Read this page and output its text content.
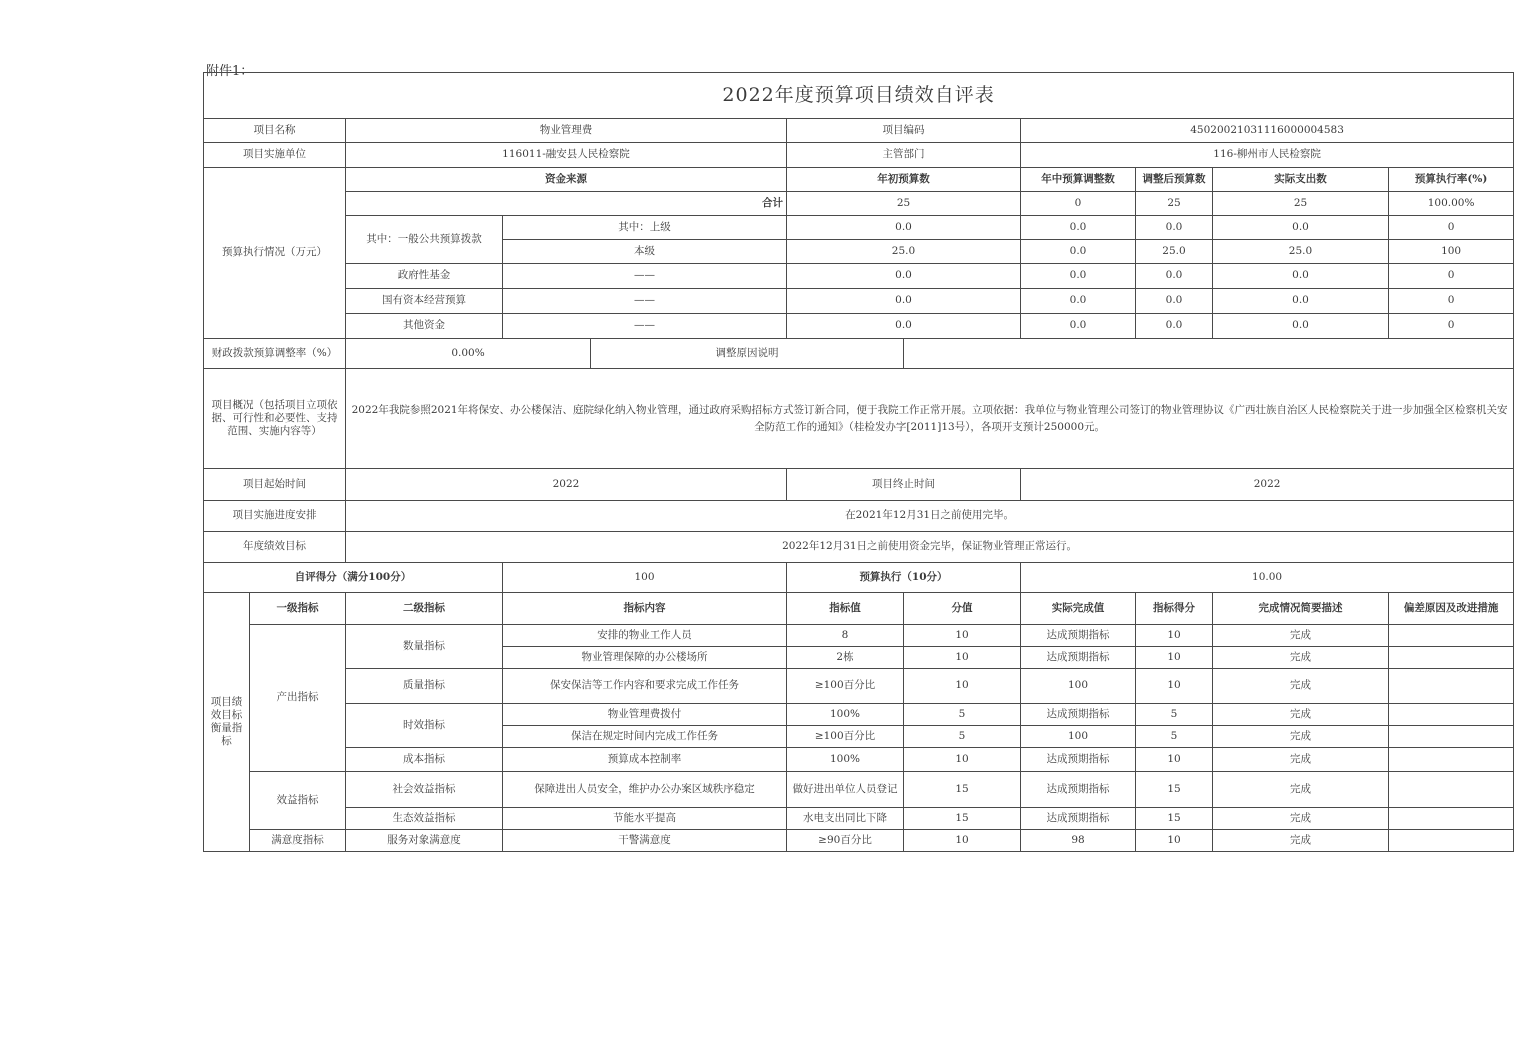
附件1：
2022年度预算项目绩效自评表										
项目名称		物业管理费			项目编码		45020021031116000004583			
项目实施单位		116011-融安县人民检察院			主管部门		116-柳州市人民检察院			
预算执行情况（万元）		资金来源			年初预算数		年中预算调整数	调整后预算数	实际支出数	预算执行率(%)
		合计			25		0	25	25	100.00%
		其中：一般公共预算拨款	其中：上级		0.0		0.0	0.0	0.0	0
			本级		25.0		0.0	25.0	25.0	100
		政府性基金	——		0.0		0.0	0.0	0.0	0
		国有资本经营预算	——		0.0		0.0	0.0	0.0	0
		其他资金	——		0.0		0.0	0.0	0.0	0
财政拨款预算调整率（%）		0.00%		调整原因说明						
项目概况（包括项目立项依据、可行性和必要性、支持范围、实施内容等）		2022年我院参照2021年将保安、办公楼保洁、庭院绿化纳入物业管理，通过政府采购招标方式签订新合同，便于我院工作正常开展。立项依据：我单位与物业管理公司签订的物业管理协议《广西壮族自治区人民检察院关于进一步加强全区检察机关安全防范工作的通知》（桂检发办字[2011]13号），各项开支预计250000元。								
项目起始时间		2022			项目终止时间		2022			
项目实施进度安排		在2021年12月31日之前使用完毕。								
年度绩效目标		2022年12月31日之前使用资金完毕，保证物业管理正常运行。								
自评得分（满分100分）			100		预算执行（10分）		10.00			
项目绩效目标衡量指标	一级指标	二级指标	指标内容		指标值	分值	实际完成值	指标得分	完成情况简要描述	偏差原因及改进措施
	产出指标	数量指标	安排的物业工作人员		8	10	达成预期指标	10	完成	
			物业管理保障的办公楼场所		2栋	10	达成预期指标	10	完成	
		质量指标	保安保洁等工作内容和要求完成工作任务		≥100百分比	10	100	10	完成	
		时效指标	物业管理费拨付		100%	5	达成预期指标	5	完成	
			保洁在规定时间内完成工作任务		≥100百分比	5	100	5	完成	
		成本指标	预算成本控制率		100%	10	达成预期指标	10	完成	
	效益指标	社会效益指标	保障进出人员安全，维护办公办案区域秩序稳定		做好进出单位人员登记	15	达成预期指标	15	完成	
		生态效益指标	节能水平提高		水电支出同比下降	15	达成预期指标	15	完成	
	满意度指标	服务对象满意度	干警满意度		≥90百分比	10	98	10	完成	
